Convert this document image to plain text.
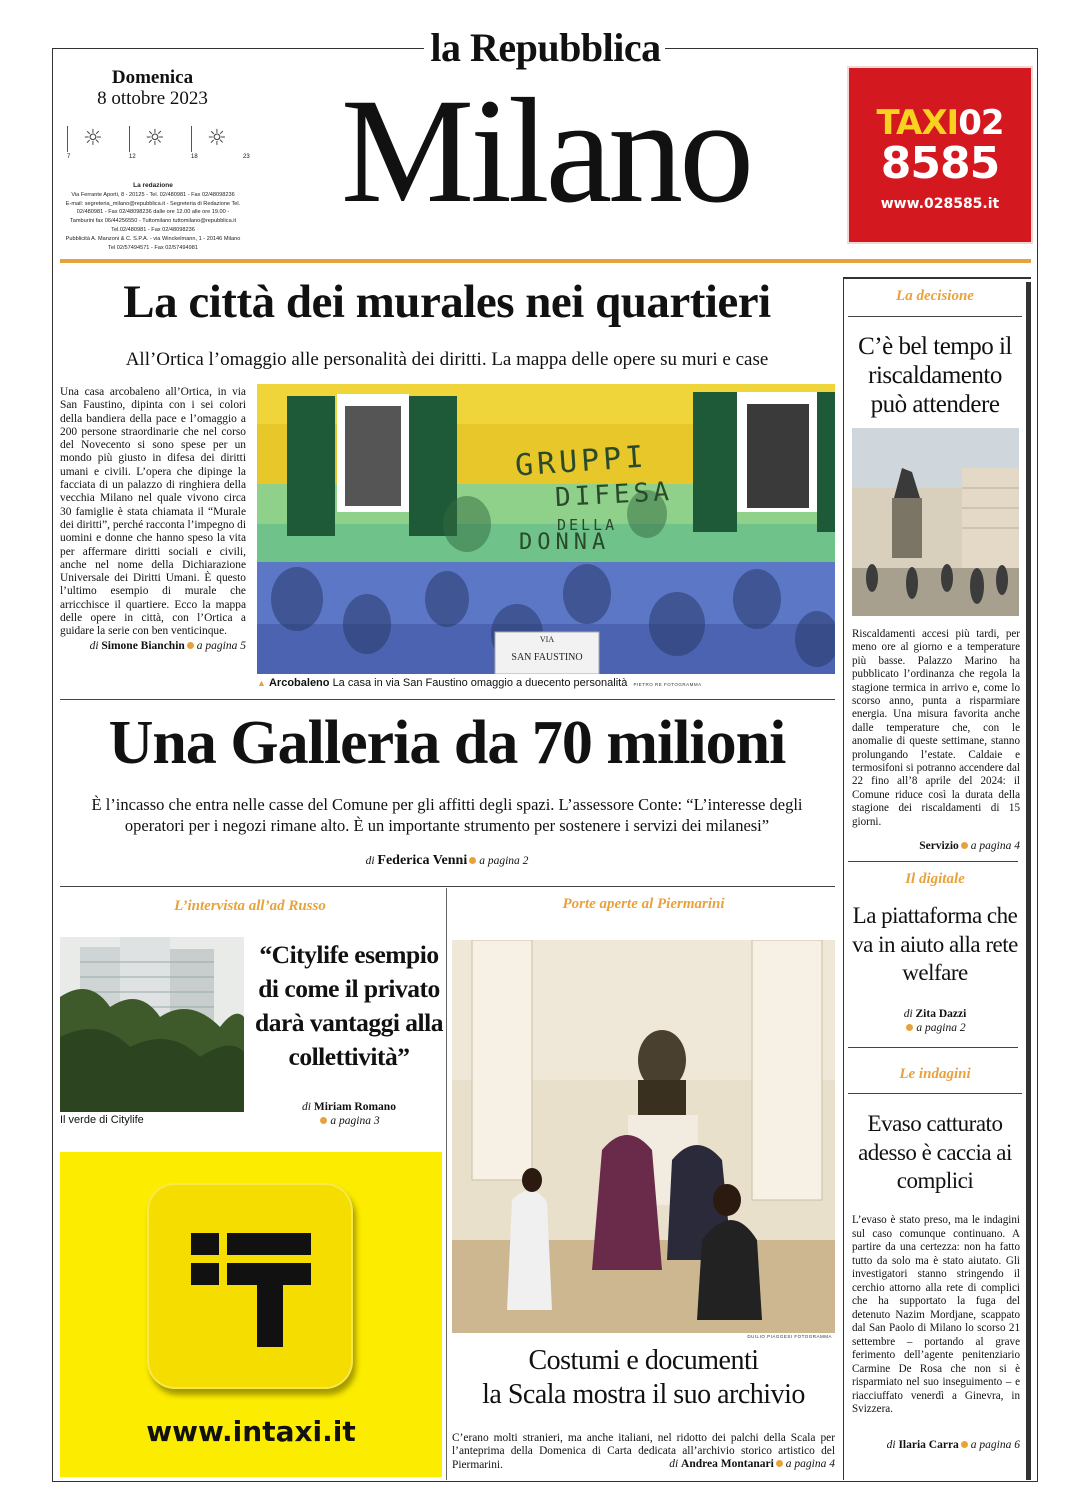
la Repubblica
Milano
Domenica
8 ottobre 2023
☼
7
☼
12
☼
18	23
La redazione
Via Ferrante Aporti, 8 - 20125 - Tel. 02/480981 - Fax 02/48098236
E-mail: segreteria_milano@repubblica.it - Segreteria di Redazione Tel.
02/480981 - Fax 02/48098236 dalle ore 12.00 alle ore 19.00 -
Tamburini fax 06/44256550 - Tuttomilano tuttomilano@repubblica.it
Tel.02/480981 - Fax 02/48098236
Pubblicità A. Manzoni & C. S.P.A. - via Winckelmann, 1 - 20146 Milano
Tel 02/57494571 - Fax 02/57494981
TAXI02
8585
www.028585.it
La città dei murales nei quartieri
All’Ortica l’omaggio alle personalità dei diritti. La mappa delle opere su muri e case
Una casa arcobaleno all’Ortica, in via San Faustino, dipinta con i sei colori della bandiera della pace e l’omaggio a 200 persone straordinarie che nel corso del Novecento si sono spese per un mondo più giusto in difesa dei diritti umani e civili. L’opera che dipinge la facciata di un palazzo di ringhiera della vecchia Milano nel quale vivono circa 30 famiglie è stata chiamata il “Murale dei diritti”, perché racconta l’impegno di uomini e donne che hanno speso la vita per affermare diritti sociali e civili, anche nel nome della Dichiarazione Universale dei Diritti Umani. È questo l’ultimo esempio di murale che arricchisce il quartiere. Ecco la mappa delle opere in città, con l’Ortica a guidare la serie con ben venticinque.
di Simone Bianchin a pagina 5
GRUPPI
DIFESA
DELLA
DONNA
VIA
SAN FAUSTINO
▲ Arcobaleno La casa in via San Faustino omaggio a duecento personalità PIETRO RE FOTOGRAMMA
Una Galleria da 70 milioni
È l’incasso che entra nelle casse del Comune per gli affitti degli spazi. L’assessore Conte: “L’interesse degli operatori per i negozi rimane alto. È un importante strumento per sostenere i servizi dei milanesi”
di Federica Venni a pagina 2
L’intervista all’ad Russo
Il verde di Citylife
“Citylife esempio di come il privato darà vantaggi alla collettività”
di Miriam Romano
a pagina 3
www.intaxi.it
Porte aperte al Piermarini
DUILIO PIAGGESI FOTOGRAMMA
Costumi e documenti
la Scala mostra il suo archivio
C’erano molti stranieri, ma anche italiani, nel ridotto dei palchi della Scala per l’anteprima della Domenica di Carta dedicata all’archivio storico artistico del Piermarini.	di Andrea Montanari a pagina 4
La decisione
C’è bel tempo il riscaldamento può attendere
Riscaldamenti accesi più tardi, per meno ore al giorno e a temperature più basse. Palazzo Marino ha pubblicato l’ordinanza che regola la stagione termica in arrivo e, come lo scorso anno, punta a risparmiare energia. Una misura favorita anche dalle temperature che, con le anomalie di queste settimane, stanno prolungando l’estate. Caldaie e termosifoni si potranno accendere dal 22 fino all’8 aprile del 2024: il Comune riduce così la durata della stagione dei riscaldamenti di 15 giorni.
Servizio a pagina 4
Il digitale
La piattaforma che va in aiuto alla rete welfare
di Zita Dazzi
a pagina 2
Le indagini
Evaso catturato adesso è caccia ai complici
L’evaso è stato preso, ma le indagini sul caso comunque continuano. A partire da una certezza: non ha fatto tutto da solo ma è stato aiutato. Gli investigatori stanno stringendo il cerchio attorno alla rete di complici che ha supportato la fuga del detenuto Nazim Mordjane, scappato dal San Paolo di Milano lo scorso 21 settembre – portando al grave ferimento dell’agente penitenziario Carmine De Rosa che non si è risparmiato nel suo inseguimento – e riacciuffato venerdì a Ginevra, in Svizzera.
di Ilaria Carra a pagina 6
